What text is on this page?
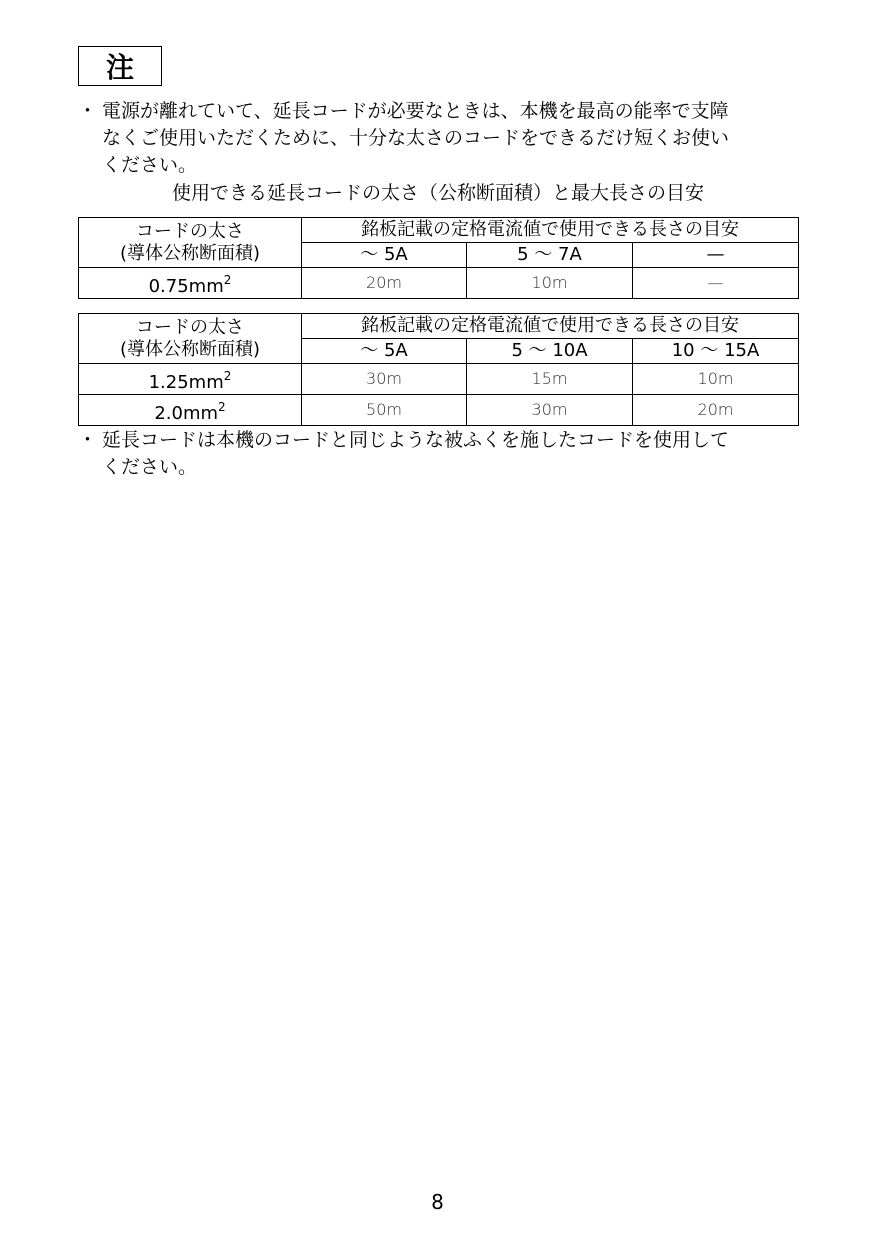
注
・ 電源が離れていて、延長コードが必要なときは、本機を最高の能率で支障
なくご使用いただくために、十分な太さのコードをできるだけ短くお使い
ください。
使用できる延長コードの太さ（公称断面積）と最大長さの目安
コードの太さ
(導体公称断面積)	銘板記載の定格電流値で使用できる長さの目安		
	～ 5A	5 ～ 7A	—
$0.75mm^2$	20m	10m	—
コードの太さ
(導体公称断面積)	銘板記載の定格電流値で使用できる長さの目安		
	～ 5A	5 ～ 10A	10 ～ 15A
$1.25mm^2$	30m	15m	10m
$2.0mm^2$	50m	30m	20m
・ 延長コードは本機のコードと同じような被ふくを施したコードを使用して
ください。
8
